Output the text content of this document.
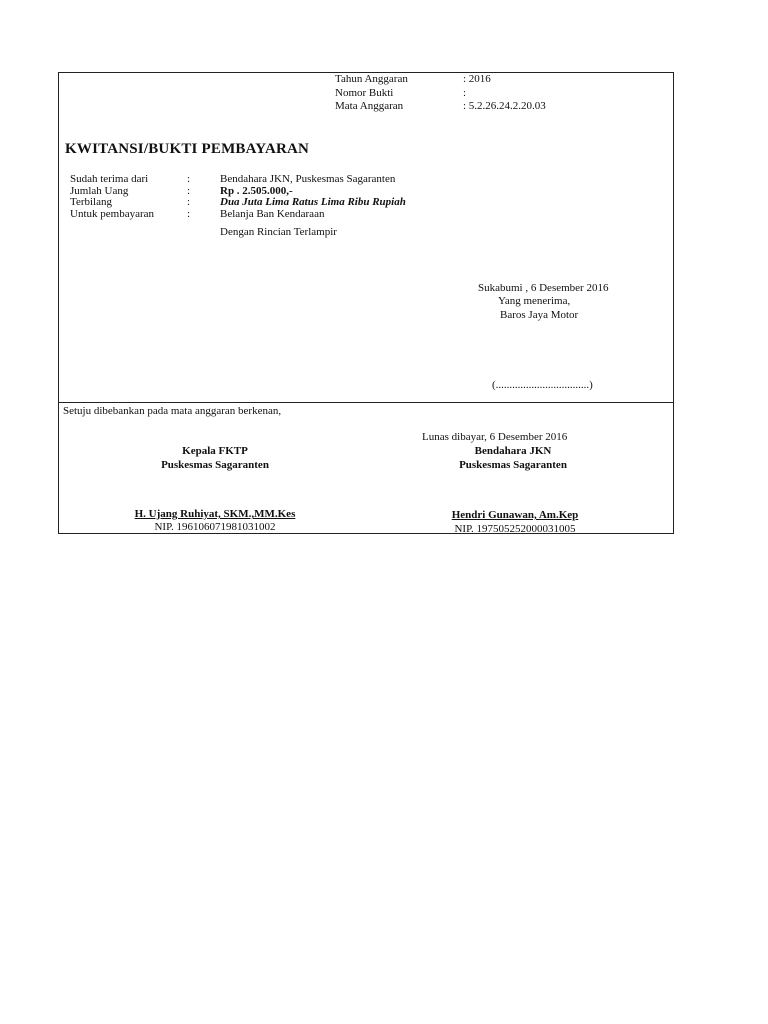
Tahun Anggaran	: 2016
Nomor Bukti	:
Mata Anggaran	: 5.2.26.24.2.20.03
KWITANSI/BUKTI PEMBAYARAN
Sudah terima dari	:	Bendahara JKN, Puskesmas Sagaranten
Jumlah Uang	:	Rp . 2.505.000,-
Terbilang	:	Dua Juta Lima Ratus Lima Ribu Rupiah
Untuk pembayaran	:	Belanja Ban Kendaraan
Dengan Rincian Terlampir
Sukabumi , 6 Desember 2016
Yang menerima,
Baros Jaya Motor
(..................................)
Setuju dibebankan pada mata anggaran berkenan,
Lunas dibayar, 6 Desember 2016
Kepala FKTP
Puskesmas Sagaranten
Bendahara JKN
Puskesmas Sagaranten
H. Ujang Ruhiyat, SKM.,MM.Kes
NIP. 196106071981031002
Hendri Gunawan, Am.Kep
NIP. 197505252000031005
